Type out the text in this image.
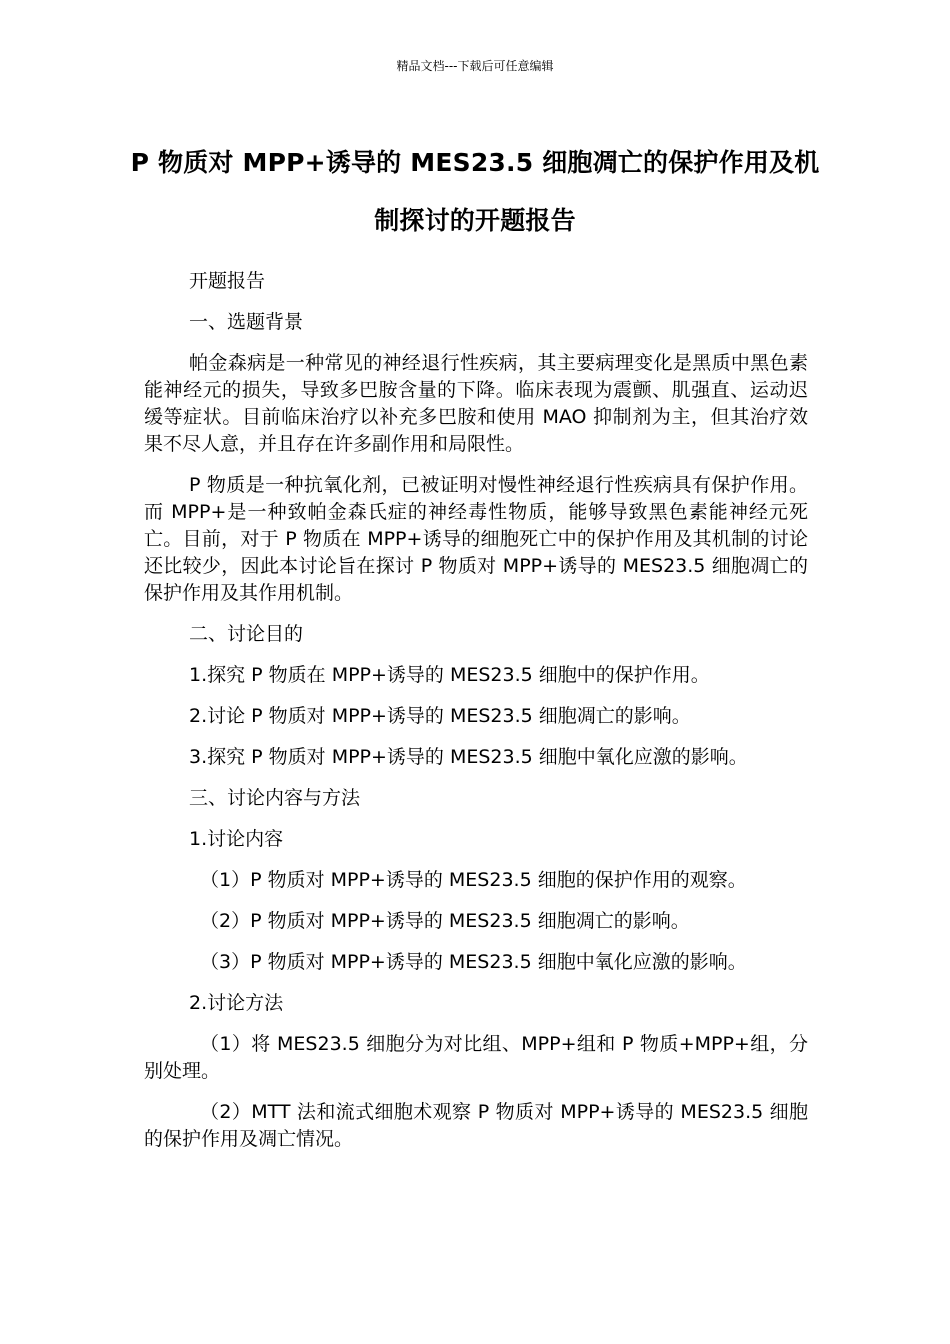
精品文档---下载后可任意编辑
P 物质对 MPP+诱导的 MES23.5 细胞凋亡的保护作用及机制探讨的开题报告

开题报告

一、选题背景

帕金森病是一种常见的神经退行性疾病，其主要病理变化是黑质中黑色素能神经元的损失，导致多巴胺含量的下降。临床表现为震颤、肌强直、运动迟缓等症状。目前临床治疗以补充多巴胺和使用 MAO 抑制剂为主，但其治疗效果不尽人意，并且存在许多副作用和局限性。

P 物质是一种抗氧化剂，已被证明对慢性神经退行性疾病具有保护作用。而 MPP+是一种致帕金森氏症的神经毒性物质，能够导致黑色素能神经元死亡。目前，对于 P 物质在 MPP+诱导的细胞死亡中的保护作用及其机制的讨论还比较少，因此本讨论旨在探讨 P 物质对 MPP+诱导的 MES23.5 细胞凋亡的保护作用及其作用机制。

二、讨论目的

1.探究 P 物质在 MPP+诱导的 MES23.5 细胞中的保护作用。

2.讨论 P 物质对 MPP+诱导的 MES23.5 细胞凋亡的影响。

3.探究 P 物质对 MPP+诱导的 MES23.5 细胞中氧化应激的影响。

三、讨论内容与方法

1.讨论内容

（1）P 物质对 MPP+诱导的 MES23.5 细胞的保护作用的观察。

（2）P 物质对 MPP+诱导的 MES23.5 细胞凋亡的影响。

（3）P 物质对 MPP+诱导的 MES23.5 细胞中氧化应激的影响。

2.讨论方法

（1）将 MES23.5 细胞分为对比组、MPP+组和 P 物质+MPP+组，分别处理。

（2）MTT 法和流式细胞术观察 P 物质对 MPP+诱导的 MES23.5 细胞的保护作用及凋亡情况。
